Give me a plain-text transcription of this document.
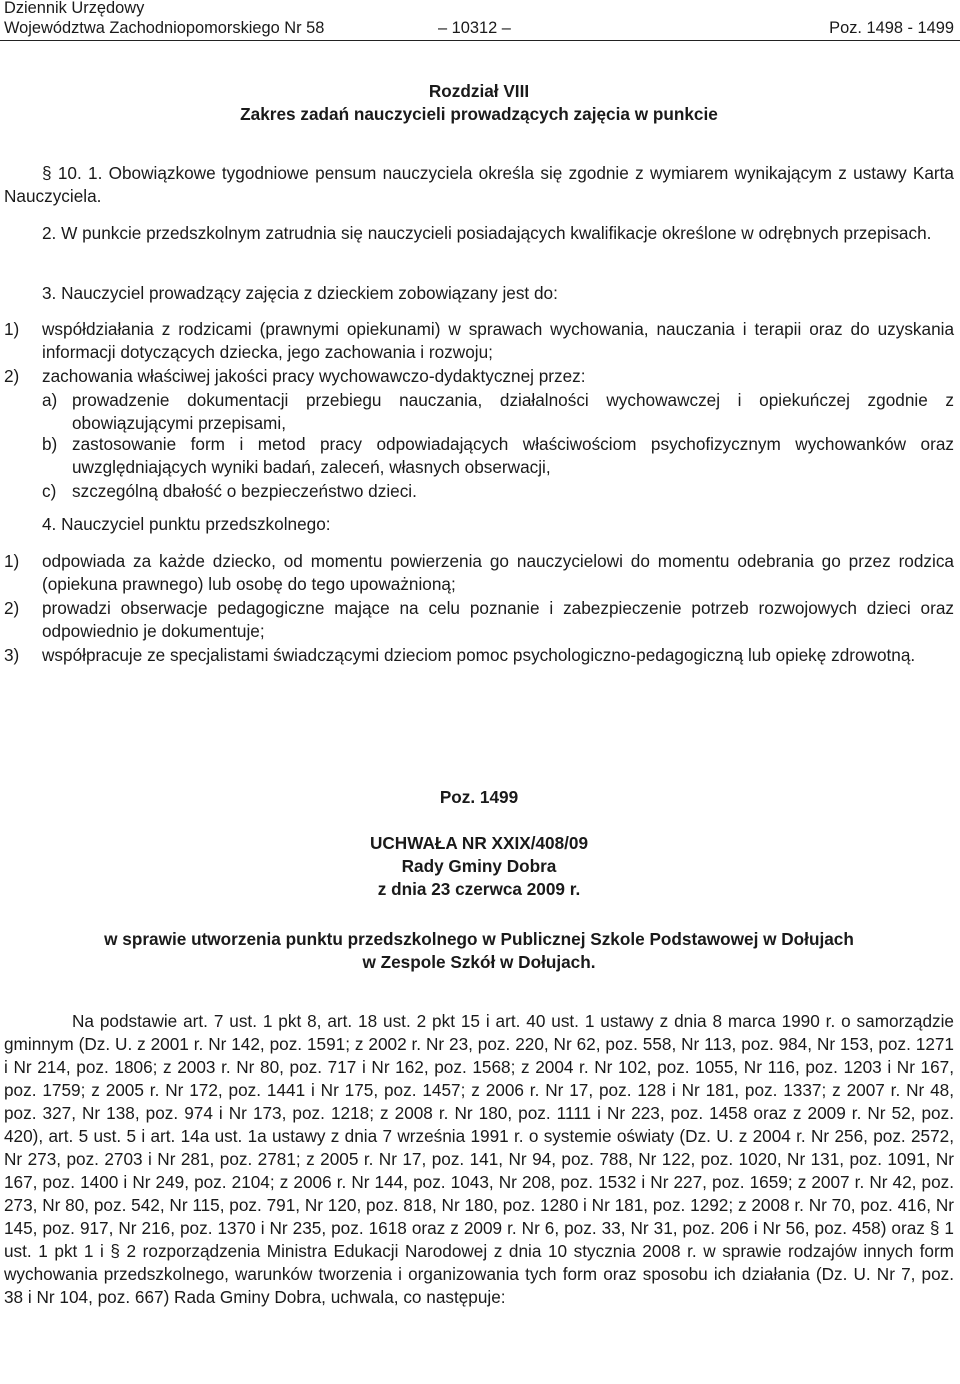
Dziennik Urzędowy
Województwa Zachodniopomorskiego Nr 58	– 10312 –	Poz. 1498 - 1499
Rozdział VIII
Zakres zadań nauczycieli prowadzących zajęcia w punkcie
§ 10. 1. Obowiązkowe tygodniowe pensum nauczyciela określa się zgodnie z wymiarem wynikającym z ustawy Karta Nauczyciela.
2. W punkcie przedszkolnym zatrudnia się nauczycieli posiadających kwalifikacje określone w odrębnych przepisach.
3. Nauczyciel prowadzący zajęcia z dzieckiem zobowiązany jest do:
1) współdziałania z rodzicami (prawnymi opiekunami) w sprawach wychowania, nauczania i terapii oraz do uzyskania informacji dotyczących dziecka, jego zachowania i rozwoju;
2) zachowania właściwej jakości pracy wychowawczo-dydaktycznej przez:
a) prowadzenie dokumentacji przebiegu nauczania, działalności wychowawczej i opiekuńczej zgodnie z obowiązującymi przepisami,
b) zastosowanie form i metod pracy odpowiadających właściwościom psychofizycznym wychowanków oraz uwzględniających wyniki badań, zaleceń, własnych obserwacji,
c) szczególną dbałość o bezpieczeństwo dzieci.
4. Nauczyciel punktu przedszkolnego:
1) odpowiada za każde dziecko, od momentu powierzenia go nauczycielowi do momentu odebrania go przez rodzica (opiekuna prawnego) lub osobę do tego upoważnioną;
2) prowadzi obserwacje pedagogiczne mające na celu poznanie i zabezpieczenie potrzeb rozwojowych dzieci oraz odpowiednio je dokumentuje;
3) współpracuje ze specjalistami świadczącymi dzieciom pomoc psychologiczno-pedagogiczną lub opiekę zdrowotną.
Poz. 1499
UCHWAŁA NR XXIX/408/09
Rady Gminy Dobra
z dnia 23 czerwca 2009 r.
w sprawie utworzenia punktu przedszkolnego w Publicznej Szkole Podstawowej w Dołujach
w Zespole Szkół w Dołujach.
Na podstawie art. 7 ust. 1 pkt 8, art. 18 ust. 2 pkt 15 i art. 40 ust. 1 ustawy z dnia 8 marca 1990 r. o samorządzie gminnym (Dz. U. z 2001 r. Nr 142, poz. 1591; z 2002 r. Nr 23, poz. 220, Nr 62, poz. 558, Nr 113, poz. 984, Nr 153, poz. 1271 i Nr 214, poz. 1806; z 2003 r. Nr 80, poz. 717 i Nr 162, poz. 1568; z 2004 r. Nr 102, poz. 1055, Nr 116, poz. 1203 i Nr 167, poz. 1759; z 2005 r. Nr 172, poz. 1441 i Nr 175, poz. 1457; z 2006 r. Nr 17, poz. 128 i Nr 181, poz. 1337; z 2007 r. Nr 48, poz. 327, Nr 138, poz. 974 i Nr 173, poz. 1218; z 2008 r. Nr 180, poz. 1111 i Nr 223, poz. 1458 oraz z 2009 r. Nr 52, poz. 420), art. 5 ust. 5 i art. 14a ust. 1a ustawy z dnia 7 września 1991 r. o systemie oświaty (Dz. U. z 2004 r. Nr 256, poz. 2572, Nr 273, poz. 2703 i Nr 281, poz. 2781; z 2005 r. Nr 17, poz. 141, Nr 94, poz. 788, Nr 122, poz. 1020, Nr 131, poz. 1091, Nr 167, poz. 1400 i Nr 249, poz. 2104; z 2006 r. Nr 144, poz. 1043, Nr 208, poz. 1532 i Nr 227, poz. 1659; z 2007 r. Nr 42, poz. 273, Nr 80, poz. 542, Nr 115, poz. 791, Nr 120, poz. 818, Nr 180, poz. 1280 i Nr 181, poz. 1292; z 2008 r. Nr 70, poz. 416, Nr 145, poz. 917, Nr 216, poz. 1370 i Nr 235, poz. 1618 oraz z 2009 r. Nr 6, poz. 33, Nr 31, poz. 206 i Nr 56, poz. 458) oraz § 1 ust. 1 pkt 1 i § 2 rozporządzenia Ministra Edukacji Narodowej z dnia 10 stycznia 2008 r. w sprawie rodzajów innych form wychowania przedszkolnego, warunków tworzenia i organizowania tych form oraz sposobu ich działania (Dz. U. Nr 7, poz. 38 i Nr 104, poz. 667) Rada Gminy Dobra, uchwala, co następuje:
